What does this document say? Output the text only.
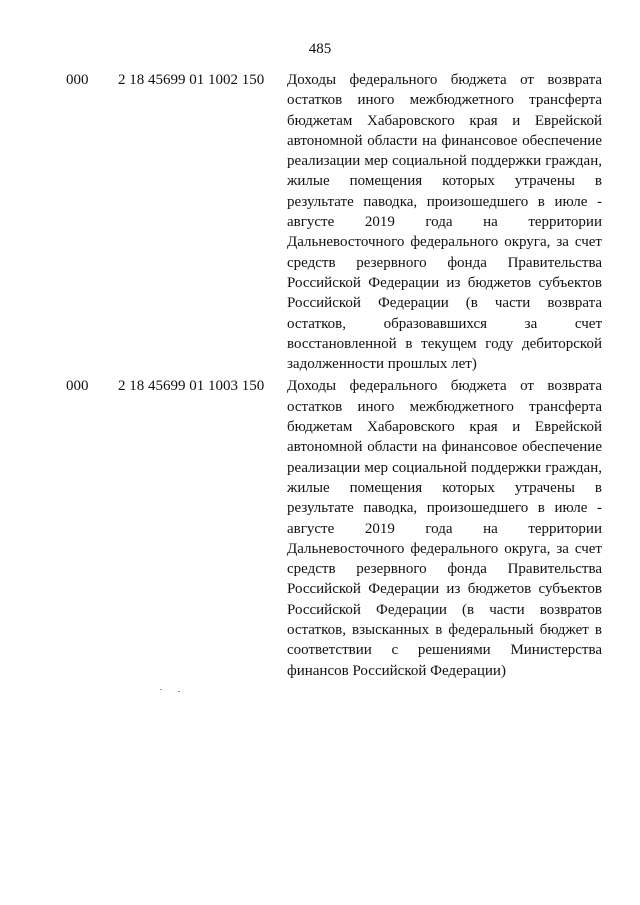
485
000 2 18 45699 01 1002 150 Доходы федерального бюджета от возврата остатков иного межбюджетного трансферта бюджетам Хабаровского края и Еврейской автономной области на финансовое обеспечение реализации мер социальной поддержки граждан, жилые помещения которых утрачены в результате паводка, произошедшего в июле - августе 2019 года на территории Дальневосточного федерального округа, за счет средств резервного фонда Правительства Российской Федерации из бюджетов субъектов Российской Федерации (в части возврата остатков, образовавшихся за счет восстановленной в текущем году дебиторской задолженности прошлых лет)
000 2 18 45699 01 1003 150 Доходы федерального бюджета от возврата остатков иного межбюджетного трансферта бюджетам Хабаровского края и Еврейской автономной области на финансовое обеспечение реализации мер социальной поддержки граждан, жилые помещения которых утрачены в результате паводка, произошедшего в июле - августе 2019 года на территории Дальневосточного федерального округа, за счет средств резервного фонда Правительства Российской Федерации из бюджетов субъектов Российской Федерации (в части возвратов остатков, взысканных в федеральный бюджет в соответствии с решениями Министерства финансов Российской Федерации)
